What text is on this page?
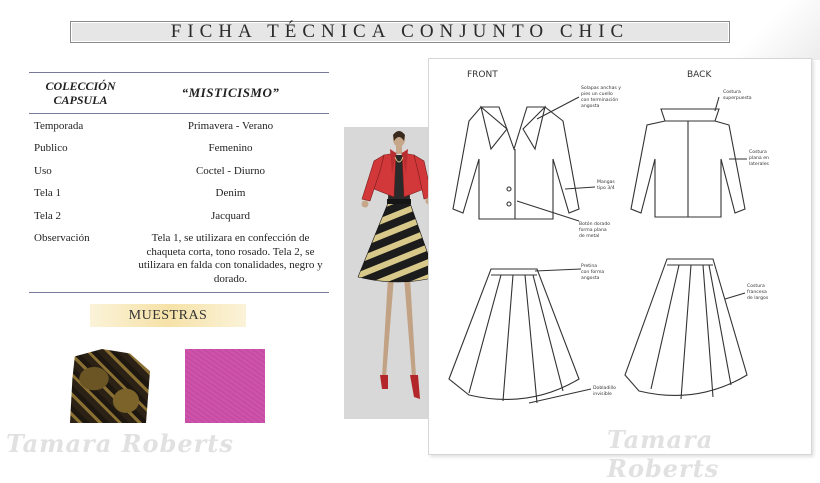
FICHA TÉCNICA CONJUNTO CHIC
COLECCIÓN
CAPSULA	“MISTICISMO”
Temporada	Primavera - Verano
Publico	Femenino
Uso	Coctel - Diurno
Tela 1	Denim
Tela 2	Jacquard
Observación	Tela 1, se utilizara en confección de chaqueta corta, tono rosado. Tela 2, se utilizara en falda con tonalidades, negro y dorado.
MUESTRAS
FRONT	BACK
Solapas anchas y
pies un cuello
con terminación
angosta
Costura
superpuesta
Costura
plana en
laterales
Mangas
tipo 3/4
Botón dorado
forma plana
de metal
Pretina
con forma
angosta
Costura
francesa
de largos
Dobladillo
invisible
Tamara Roberts	Tamara Roberts
